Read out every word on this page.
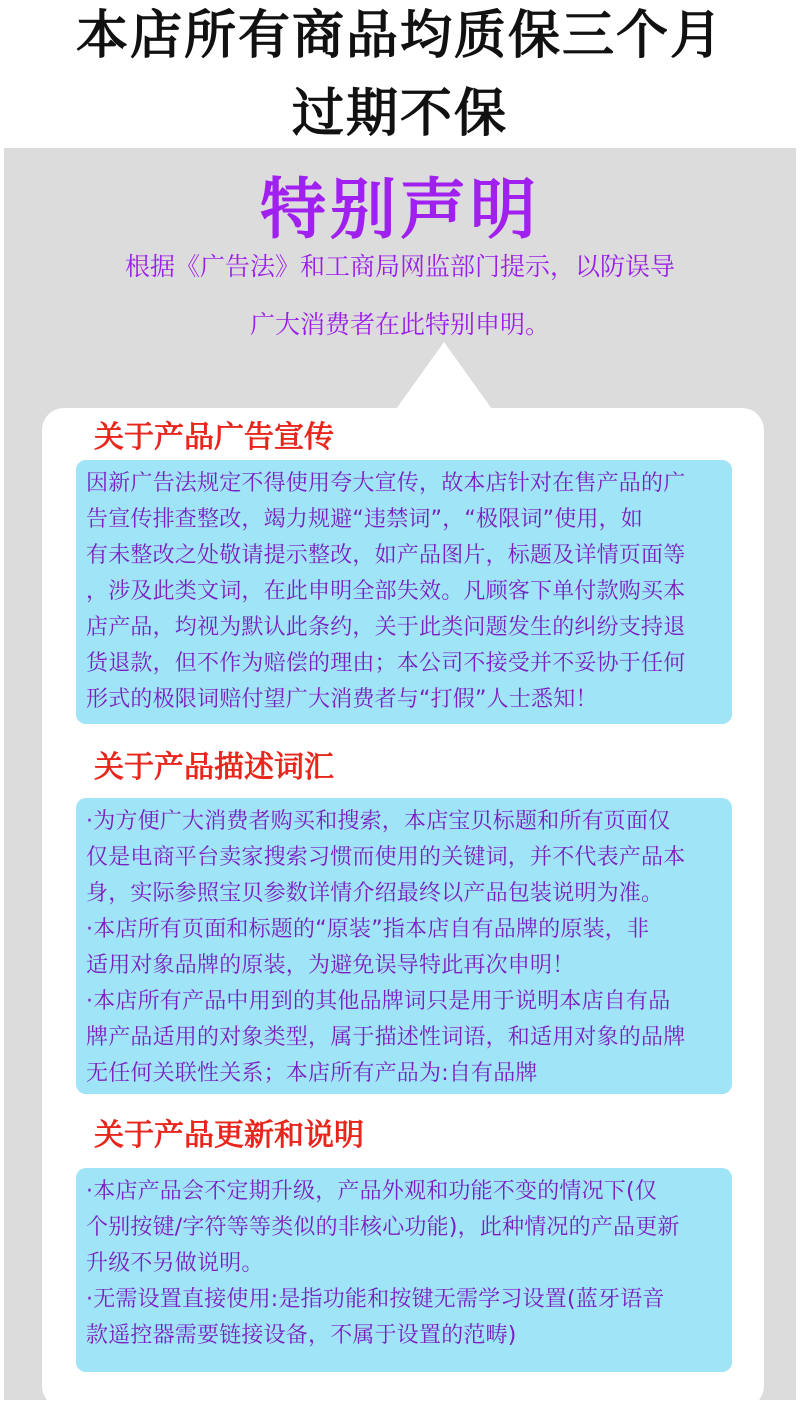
本店所有商品均质保三个月
过期不保
特别声明
根据《广告法》和工商局网监部门提示，以防误导
广大消费者在此特别申明。
关于产品广告宣传
因新广告法规定不得使用夸大宣传，故本店针对在售产品的广
告宣传排查整改，竭力规避“违禁词”，“极限词”使用，如
有未整改之处敬请提示整改，如产品图片，标题及详情页面等
，涉及此类文词，在此申明全部失效。凡顾客下单付款购买本
店产品，均视为默认此条约，关于此类问题发生的纠纷支持退
货退款，但不作为赔偿的理由；本公司不接受并不妥协于任何
形式的极限词赔付望广大消费者与“打假”人士悉知！
关于产品描述词汇
·为方便广大消费者购买和搜索，本店宝贝标题和所有页面仅
仅是电商平台卖家搜索习惯而使用的关键词，并不代表产品本
身，实际参照宝贝参数详情介绍最终以产品包装说明为准。
·本店所有页面和标题的“原装”指本店自有品牌的原装，非
适用对象品牌的原装，为避免误导特此再次申明！
·本店所有产品中用到的其他品牌词只是用于说明本店自有品
牌产品适用的对象类型，属于描述性词语，和适用对象的品牌
无任何关联性关系；本店所有产品为:自有品牌
关于产品更新和说明
·本店产品会不定期升级，产品外观和功能不变的情况下(仅
个别按键/字符等等类似的非核心功能)，此种情况的产品更新
升级不另做说明。
·无需设置直接使用:是指功能和按键无需学习设置(蓝牙语音
款遥控器需要链接设备，不属于设置的范畴)
